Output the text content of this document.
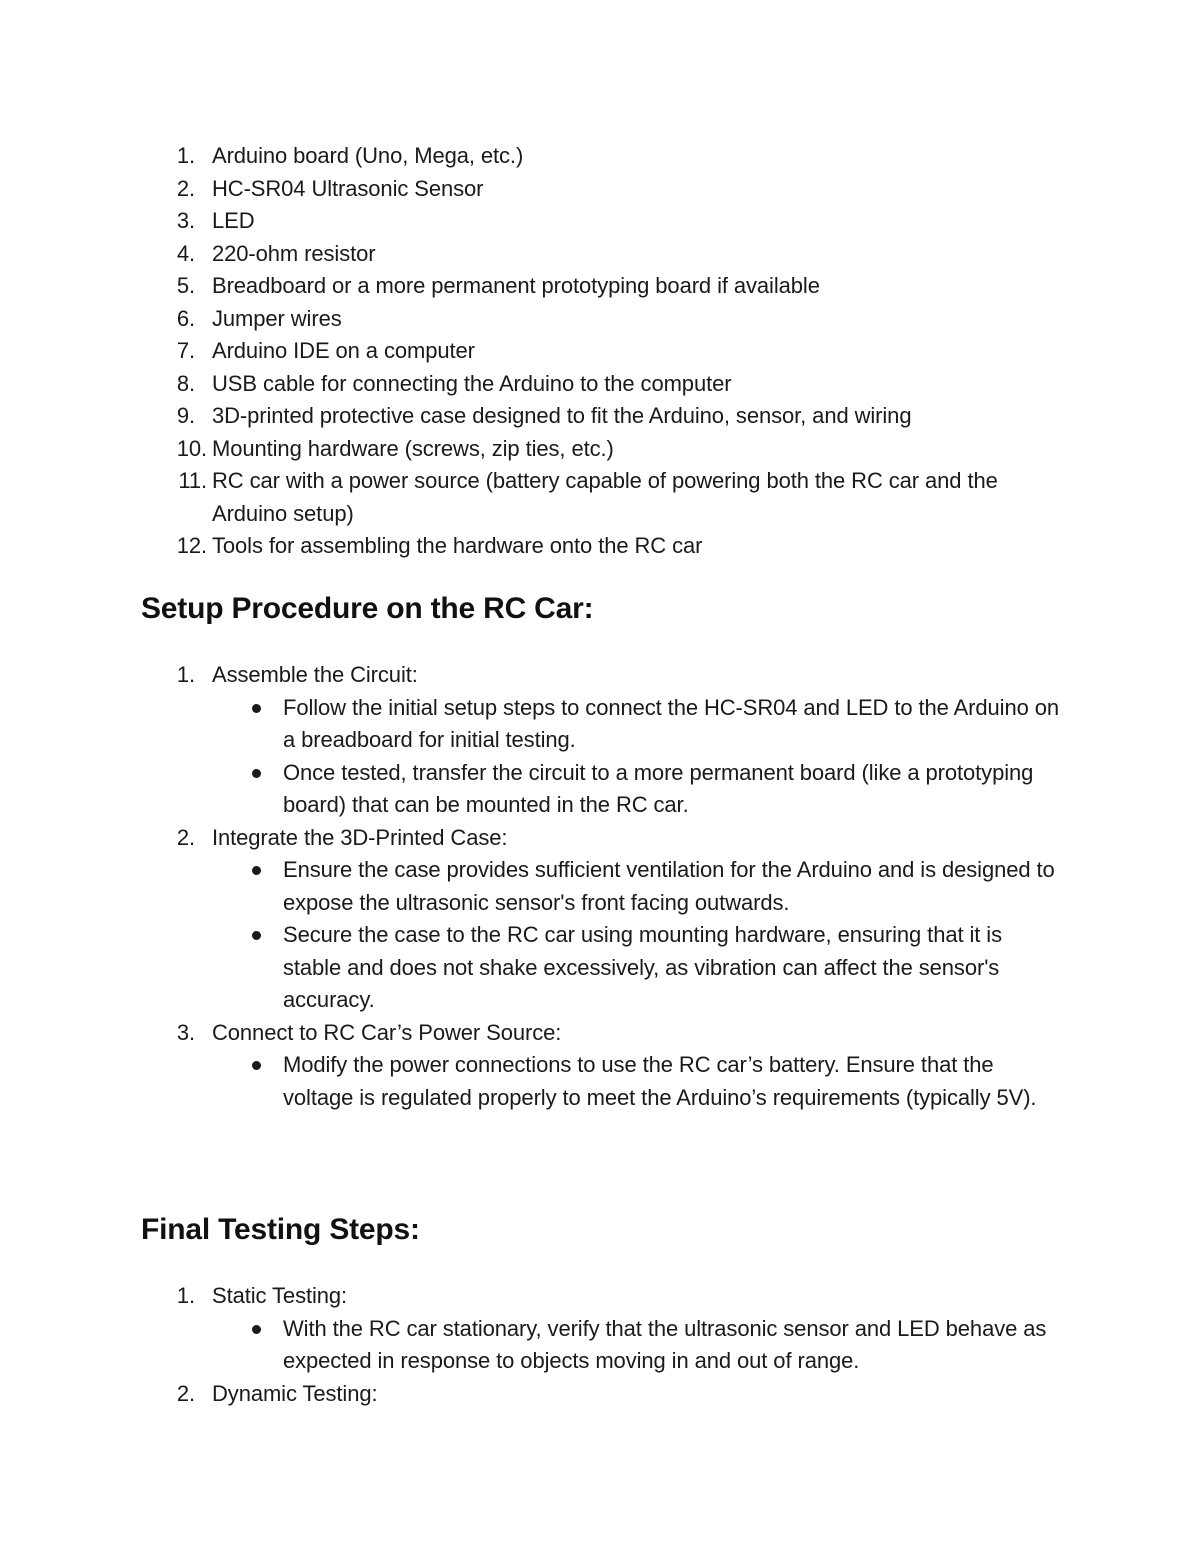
1. Arduino board (Uno, Mega, etc.)
2. HC-SR04 Ultrasonic Sensor
3. LED
4. 220-ohm resistor
5. Breadboard or a more permanent prototyping board if available
6. Jumper wires
7. Arduino IDE on a computer
8. USB cable for connecting the Arduino to the computer
9. 3D-printed protective case designed to fit the Arduino, sensor, and wiring
10. Mounting hardware (screws, zip ties, etc.)
11. RC car with a power source (battery capable of powering both the RC car and the Arduino setup)
12. Tools for assembling the hardware onto the RC car
Setup Procedure on the RC Car:
1. Assemble the Circuit:
Follow the initial setup steps to connect the HC-SR04 and LED to the Arduino on a breadboard for initial testing.
Once tested, transfer the circuit to a more permanent board (like a prototyping board) that can be mounted in the RC car.
2. Integrate the 3D-Printed Case:
Ensure the case provides sufficient ventilation for the Arduino and is designed to expose the ultrasonic sensor's front facing outwards.
Secure the case to the RC car using mounting hardware, ensuring that it is stable and does not shake excessively, as vibration can affect the sensor's accuracy.
3. Connect to RC Car’s Power Source:
Modify the power connections to use the RC car’s battery. Ensure that the voltage is regulated properly to meet the Arduino’s requirements (typically 5V).
Final Testing Steps:
1. Static Testing:
With the RC car stationary, verify that the ultrasonic sensor and LED behave as expected in response to objects moving in and out of range.
2. Dynamic Testing:
